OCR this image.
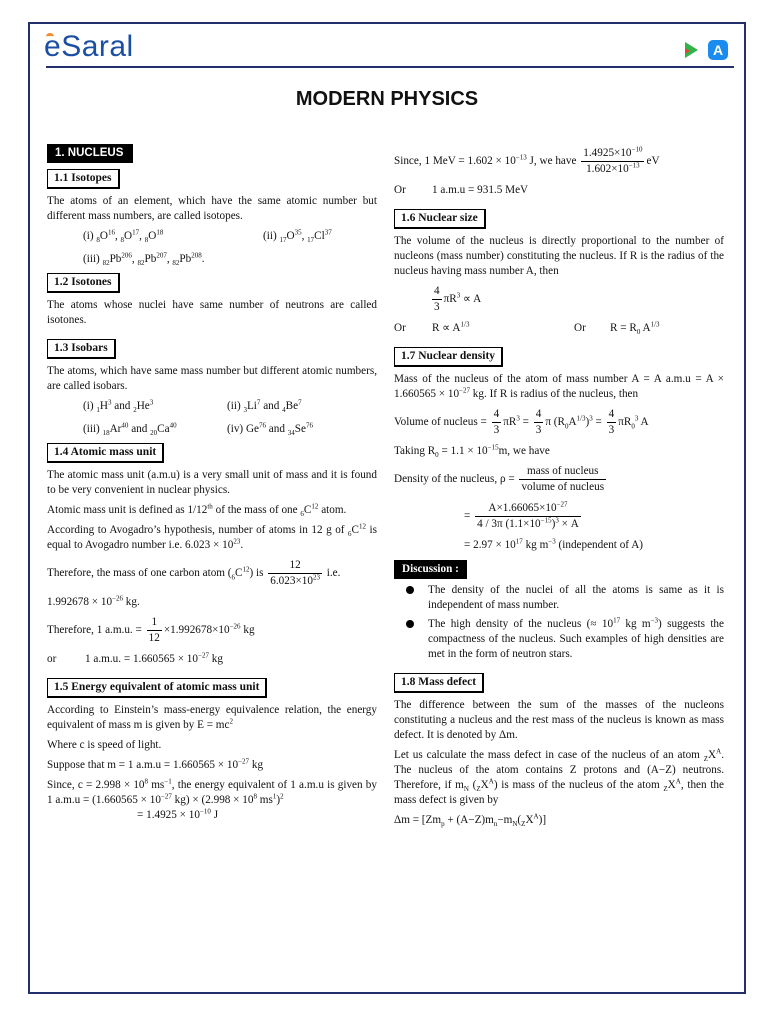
eSaral	A
MODERN PHYSICS
1. NUCLEUS
1.1 Isotopes

The atoms of an element, which have the same atomic number but different mass numbers, are called isotopes.

(i) $_8O^{16}$, $_8O^{17}$, $_8O^{18}$	(ii) $_{17}O^{35}$, $_{17}Cl^{37}$
(iii) $_{82}Pb^{206}$, $_{82}Pb^{207}$, $_{82}Pb^{208}$.
1.2 Isotones

The atoms whose nuclei have same number of neutrons are called isotones.

1.3 Isobars

The atoms, which have same mass number but different atomic numbers, are called isobars.

(i) $_1H^3$ and $_2He^3$	(ii) $_3Li^7$ and $_4Be^7$
(iii) $_{18}Ar^{40}$ and $_{20}Ca^{40}$	(iv) Ge$^{76}$ and $_{34}Se^{76}$
1.4 Atomic mass unit

The atomic mass unit (a.m.u) is a very small unit of mass and it is found to be very convenient in nuclear physics.

Atomic mass unit is defined as 1/12th of the mass of one $_6C^{12}$ atom.

According to Avogadro’s hypothesis, number of atoms in 12 g of $_6C^{12}$ is equal to Avogadro number i.e. $6.023 \times 10^{23}$.

Therefore, the mass of one carbon atom $(_6C^{12})$ is $\frac{12}{6.023\times 10^{23}} i.e$.

$1.992678 \times 10^{-26}$ kg.

Therefore, 1 a.m.u. = $\frac{1}{12} \times 1.992678\times 10^{-26}$ kg

or	1 a.m.u. = $1.660565 \times 10^{-27}$ kg

1.5 Energy equivalent of atomic mass unit

According to Einstein’s mass-energy equivalence relation, the energy equivalent of mass m is given by $E = mc^2$

Where c is speed of light.

Suppose that m = 1 $a.m.u = 1.660565 \times 10^{-27}$ kg

Since, $c = 2.998 \times 10^8$ $ms^{-1}$, the energy equivalent of 1 a.m.u is given by 1 $a.m.u = (1.660565 \times 10^{-27}$ $kg) \times (2.998 \times 10^8$ $ms^1)^2$

= $1.4925 \times 10^{-10}$ J

Since, 1 MeV = $1.602 \times 10^{-13}$ J, we have $\frac{1.4925\times 10^{-10}}{1.602\times 10^{-13}}$ eV

Or 1 a.m.u = 931.5 MeV

1.6 Nuclear size

The volume of the nucleus is directly proportional to the number of nucleons (mass number) constituting the nucleus. If R is the radius of the nucleus having mass number A, then

$\frac{4}{3} \pi R^3 \propto A$

Or	$R \propto A^{1/3}$	Or	$R = R_0$ $A^{1/3}$

1.7 Nuclear density

Mass of the nucleus of the atom of mass number A = A $a.m.u = A \times 1.660565 \times 10^{-27}$ kg. If R is radius of the nucleus, then

Volume of nucleus = $\frac{4}{3} \pi R^3 = \frac{4}{3}$ π $(R_0A^{1/3})^3 = \frac{4}{3} \pi R_0^3$ A

Taking $R_0 = 1.1 \times 10^{-15}m$, we have

Density of the nucleus, $\rho = \frac{\text{mass of nucleus}}{\text{volume of nucleus}}$

= $\frac{A\times 1.66065\times 10^{-27}}{4 / 3\pi (1.1\times 10^{-15})^3 \times A}$

= $2.97 \times 10^{17}$ kg $m^{-3}$ (independent of A)

Discussion :
The density of the nuclei of all the atoms is same as it is independent of mass number.
The high density of the nucleus (≈ $10^{17}$ kg $m^{-3}$) suggests the compactness of the nucleus. Such examples of high densities are met in the form of neutron stars.
1.8 Mass defect

The difference between the sum of the masses of the nucleons constituting a nucleus and the rest mass of the nucleus is known as mass defect. It is denoted by Δm.

Let us calculate the mass defect in case of the nucleus of an atom $_ZX^A$. The nucleus of the atom contains Z protons and (A−Z) neutrons. Therefore, if $m_N$ $(_ZX^A)$ is mass of the nucleus of the atom $_ZX^A$, then the mass defect is given by

$\Delta m = [Zm_p + (A-Z)m_n-m_N(_ZX^A)]$
